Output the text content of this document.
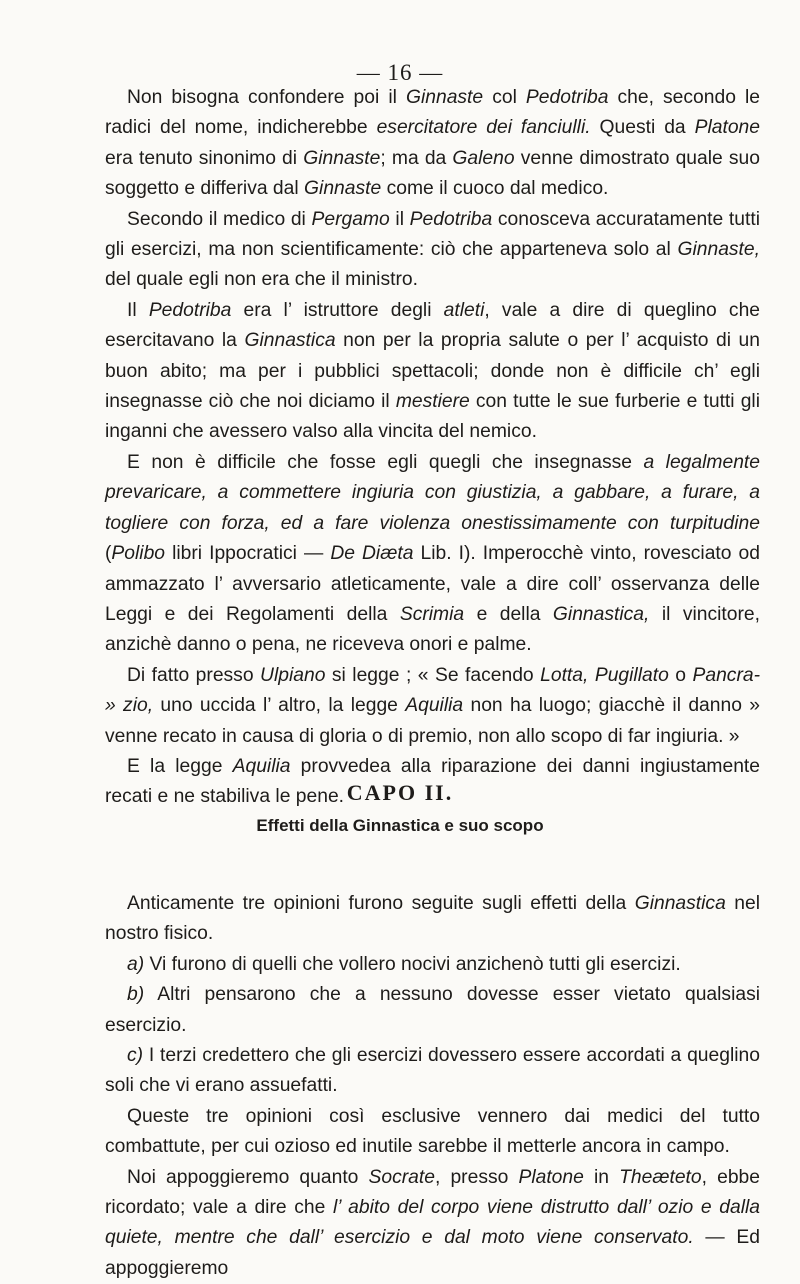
— 16 —

Non bisogna confondere poi il Ginnaste col Pedotriba che, secondo le radici del nome, indicherebbe esercitatore dei fanciulli. Questi da Platone era tenuto sinonimo di Ginnaste; ma da Galeno venne dimostrato quale suo soggetto e differiva dal Ginnaste come il cuoco dal medico.

Secondo il medico di Pergamo il Pedotriba conosceva accuratamente tutti gli esercizi, ma non scientificamente: ciò che apparteneva solo al Ginnaste, del quale egli non era che il ministro.

Il Pedotriba era l’ istruttore degli atleti, vale a dire di queglino che esercitavano la Ginnastica non per la propria salute o per l’ acquisto di un buon abito; ma per i pubblici spettacoli; donde non è difficile ch’ egli insegnasse ciò che noi diciamo il mestiere con tutte le sue furberie e tutti gli inganni che avessero valso alla vincita del nemico.

E non è difficile che fosse egli quegli che insegnasse a legalmente prevaricare, a commettere ingiuria con giustizia, a gabbare, a furare, a togliere con forza, ed a fare violenza onestissimamente con turpitudine (Polibo libri Ippocratici — De Diæta Lib. I). Imperocchè vinto, rovesciato od ammazzato l’ avversario atleticamente, vale a dire coll’ osservanza delle Leggi e dei Regolamenti della Scrimia e della Ginnastica, il vincitore, anzichè danno o pena, ne riceveva onori e palme.

Di fatto presso Ulpiano si legge ; « Se facendo Lotta, Pugillato o Pancra- » zio, uno uccida l’ altro, la legge Aquilia non ha luogo; giacchè il danno » venne recato in causa di gloria o di premio, non allo scopo di far ingiuria. »

E la legge Aquilia provvedea alla riparazione dei danni ingiustamente recati e ne stabiliva le pene. CAPO II.
Effetti della Ginnastica e suo scopo

Anticamente tre opinioni furono seguite sugli effetti della Ginnastica nel nostro fisico.

a) Vi furono di quelli che vollero nocivi anzichenò tutti gli esercizi.

b) Altri pensarono che a nessuno dovesse esser vietato qualsiasi esercizio.

c) I terzi credettero che gli esercizi dovessero essere accordati a queglino soli che vi erano assuefatti.

Queste tre opinioni così esclusive vennero dai medici del tutto combattute, per cui ozioso ed inutile sarebbe il metterle ancora in campo.

Noi appoggieremo quanto Socrate, presso Platone in Theæteto, ebbe ricordato; vale a dire che l’ abito del corpo viene distrutto dall’ ozio e dalla quiete, mentre che dall’ esercizio e dal moto viene conservato. — Ed appoggieremo
